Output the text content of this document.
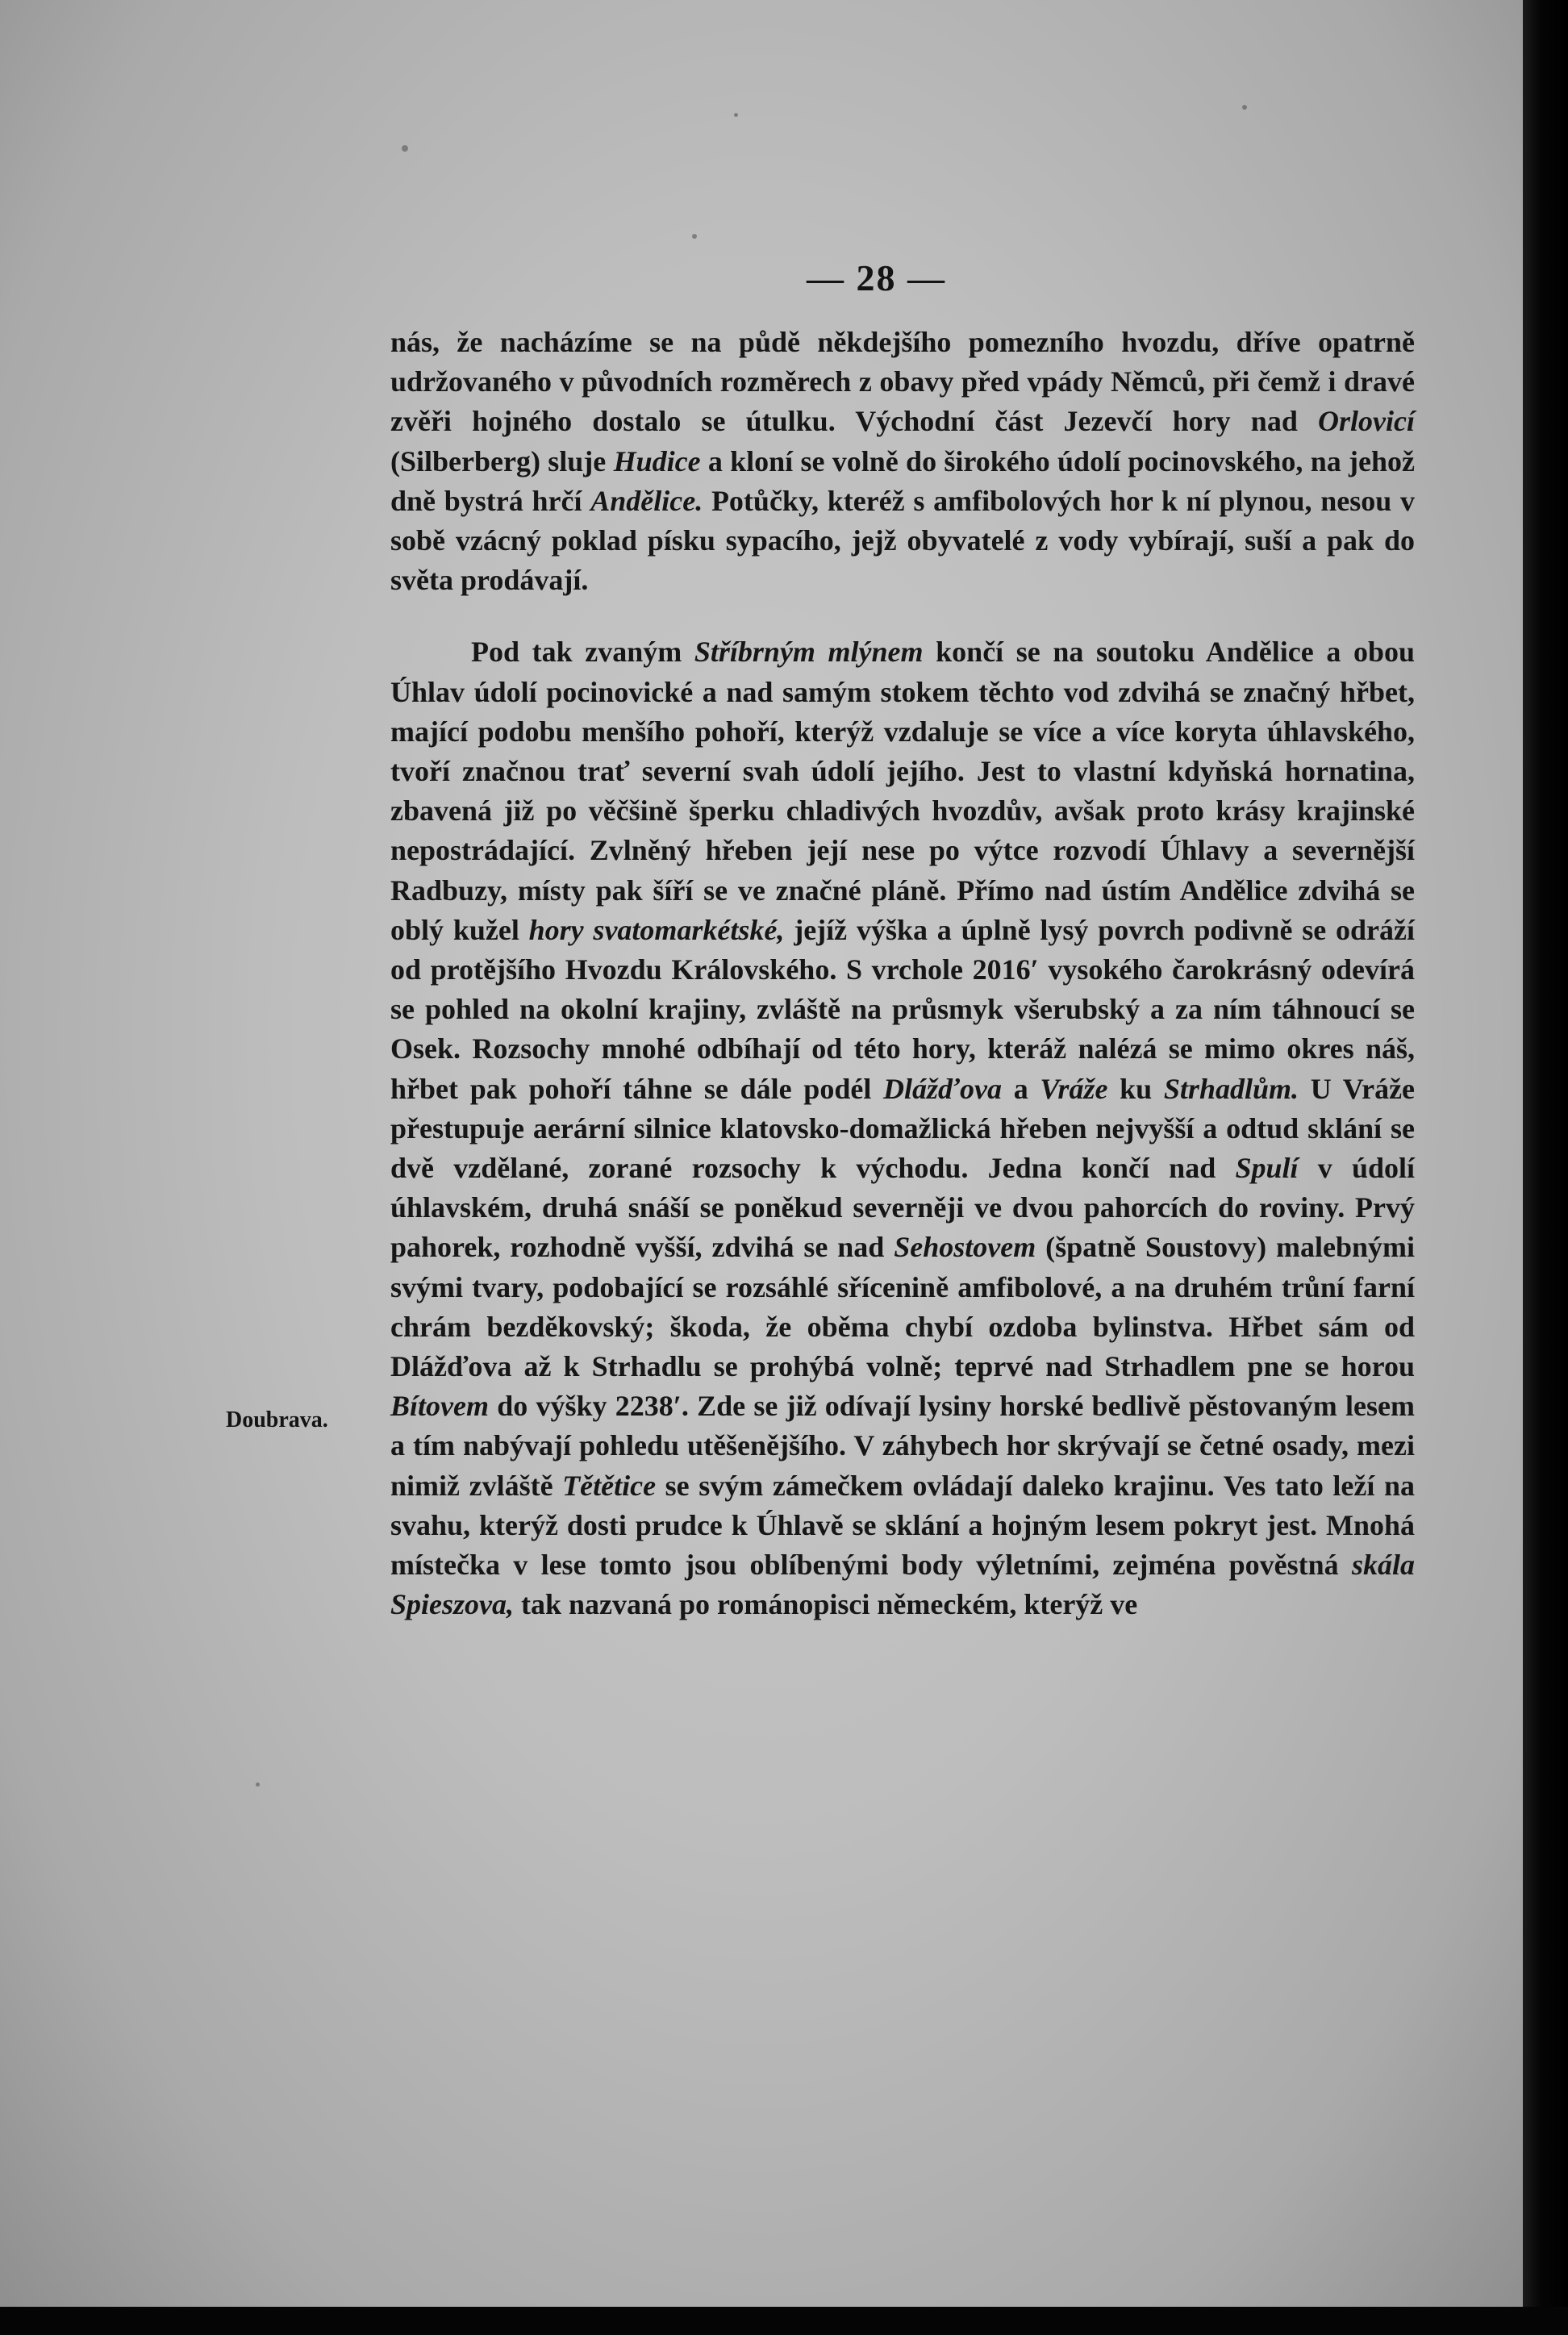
— 28 —
Doubrava.

nás, že nacházíme se na půdě někdejšího pomezního hvozdu, dříve opatrně udržovaného v původních rozměrech z obavy před vpády Němců, při čemž i dravé zvěři hojného dostalo se útulku. Východní část Jezevčí hory nad Orlovicí (Silberberg) sluje Hudice a kloní se volně do širokého údolí pocinovského, na jehož dně bystrá hrčí Andělice. Potůčky, kteréž s amfibolových hor k ní plynou, nesou v sobě vzácný poklad písku sypacího, jejž obyvatelé z vody vybírají, suší a pak do světa prodávají.

Pod tak zvaným Stříbrným mlýnem končí se na soutoku Andělice a obou Úhlav údolí pocinovické a nad samým stokem těchto vod zdvihá se značný hřbet, mající podobu menšího pohoří, kterýž vzdaluje se více a více koryta úhlavského, tvoří značnou trať severní svah údolí jejího. Jest to vlastní kdyňská hornatina, zbavená již po věčšině šperku chladivých hvozdův, avšak proto krásy krajinské nepostrádající. Zvlněný hřeben její nese po výtce rozvodí Úhlavy a severnější Radbuzy, místy pak šíří se ve značné pláně. Přímo nad ústím Andělice zdvihá se oblý kužel hory svatomarkétské, jejíž výška a úplně lysý povrch podivně se odráží od protějšího Hvozdu Královského. S vrchole 2016′ vysokého čarokrásný odevírá se pohled na okolní krajiny, zvláště na průsmyk všerubský a za ním táhnoucí se Osek. Rozsochy mnohé odbíhají od této hory, kteráž nalézá se mimo okres náš, hřbet pak pohoří táhne se dále podél Dlážďova a Vráže ku Strhadlům. U Vráže přestupuje aerární silnice klatovsko-domažlická hřeben nejvyšší a odtud sklání se dvě vzdělané, zorané rozsochy k východu. Jedna končí nad Spulí v údolí úhlavském, druhá snáší se poněkud severněji ve dvou pahorcích do roviny. Prvý pahorek, rozhodně vyšší, zdvihá se nad Sehostovem (špatně Soustovy) malebnými svými tvary, podobající se rozsáhlé sřícenině amfibolové, a na druhém trůní farní chrám bezděkovský; škoda, že oběma chybí ozdoba bylinstva. Hřbet sám od Dlážďova až k Strhadlu se prohýbá volně; teprvé nad Strhadlem pne se horou Bítovem do výšky 2238′. Zde se již odívají lysiny horské bedlivě pěstovaným lesem a tím nabývají pohledu utěšenějšího. V záhybech hor skrývají se četné osady, mezi nimiž zvláště Tětětice se svým zámečkem ovládají daleko krajinu. Ves tato leží na svahu, kterýž dosti prudce k Úhlavě se sklání a hojným lesem pokryt jest. Mnohá místečka v lese tomto jsou oblíbenými body výletními, zejména pověstná skála Spieszova, tak nazvaná po románopisci německém, kterýž ve
